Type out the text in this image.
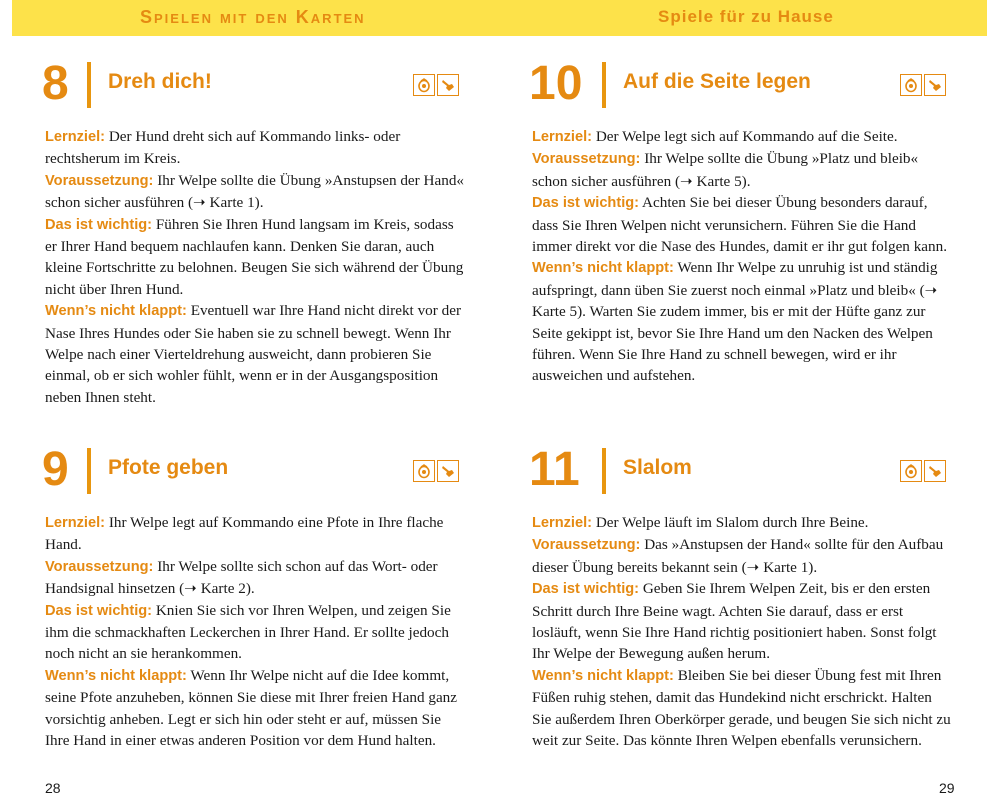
Spielen mit den Karten	Spiele für zu Hause
8 Dreh dich!

Lernziel: Der Hund dreht sich auf Kommando links- oder rechtsherum im Kreis.

Voraussetzung: Ihr Welpe sollte die Übung »Anstupsen der Hand« schon sicher ausführen (➝ Karte 1).

Das ist wichtig: Führen Sie Ihren Hund langsam im Kreis, sodass er Ihrer Hand bequem nachlaufen kann. Denken Sie daran, auch kleine Fortschritte zu belohnen. Beugen Sie sich während der Übung nicht über Ihren Hund.

Wenn’s nicht klappt: Eventuell war Ihre Hand nicht direkt vor der Nase Ihres Hundes oder Sie haben sie zu schnell bewegt. Wenn Ihr Welpe nach einer Vierteldrehung ausweicht, dann probieren Sie einmal, ob er sich wohler fühlt, wenn er in der Ausgangsposition neben Ihnen steht.

10 Auf die Seite legen

Lernziel: Der Welpe legt sich auf Kommando auf die Seite.

Voraussetzung: Ihr Welpe sollte die Übung »Platz und bleib« schon sicher ausführen (➝ Karte 5).

Das ist wichtig: Achten Sie bei dieser Übung besonders darauf, dass Sie Ihren Welpen nicht verunsichern. Führen Sie die Hand immer direkt vor die Nase des Hundes, damit er ihr gut folgen kann.

Wenn’s nicht klappt: Wenn Ihr Welpe zu unruhig ist und ständig aufspringt, dann üben Sie zuerst noch einmal »Platz und bleib« (➝ Karte 5). Warten Sie zudem immer, bis er mit der Hüfte ganz zur Seite gekippt ist, bevor Sie Ihre Hand um den Nacken des Welpen führen. Wenn Sie Ihre Hand zu schnell bewegen, wird er ihr ausweichen und aufstehen.

9 Pfote geben

Lernziel: Ihr Welpe legt auf Kommando eine Pfote in Ihre flache Hand.

Voraussetzung: Ihr Welpe sollte sich schon auf das Wort- oder Handsignal hinsetzen (➝ Karte 2).

Das ist wichtig: Knien Sie sich vor Ihren Welpen, und zeigen Sie ihm die schmackhaften Leckerchen in Ihrer Hand. Er sollte jedoch noch nicht an sie herankommen.

Wenn’s nicht klappt: Wenn Ihr Welpe nicht auf die Idee kommt, seine Pfote anzuheben, können Sie diese mit Ihrer freien Hand ganz vorsichtig anheben. Legt er sich hin oder steht er auf, müssen Sie Ihre Hand in einer etwas anderen Position vor dem Hund halten.

11 Slalom

Lernziel: Der Welpe läuft im Slalom durch Ihre Beine.

Voraussetzung: Das »Anstupsen der Hand« sollte für den Aufbau dieser Übung bereits bekannt sein (➝ Karte 1).

Das ist wichtig: Geben Sie Ihrem Welpen Zeit, bis er den ersten Schritt durch Ihre Beine wagt. Achten Sie darauf, dass er erst losläuft, wenn Sie Ihre Hand richtig positioniert haben. Sonst folgt Ihr Welpe der Bewegung außen herum.

Wenn’s nicht klappt: Bleiben Sie bei dieser Übung fest mit Ihren Füßen ruhig stehen, damit das Hundekind nicht erschrickt. Halten Sie außerdem Ihren Oberkörper gerade, und beugen Sie sich nicht zu weit zur Seite. Das könnte Ihren Welpen ebenfalls verunsichern.

28	29
